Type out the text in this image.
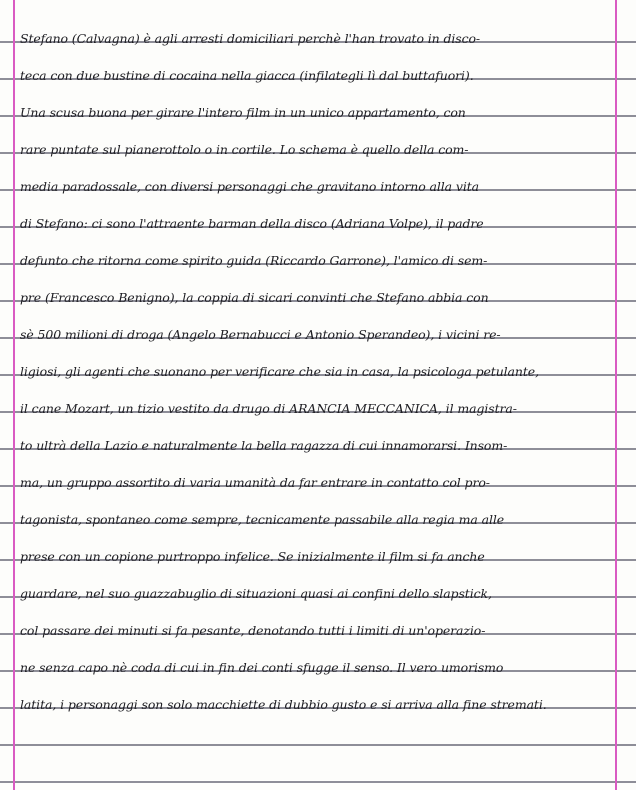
Stefano (Calvagna) è agli arresti domiciliari perchè l'han trovato in disco-
teca con due bustine di cocaina nella giacca (infilategli lì dal buttafuori).
Una scusa buona per girare l'intero film in un unico appartamento, con
rare puntate sul pianerottolo o in cortile. Lo schema è quello della com-
media paradossale, con diversi personaggi che gravitano intorno alla vita
di Stefano: ci sono l'attraente barman della disco (Adriana Volpe), il padre
defunto che ritorna come spirito guida (Riccardo Garrone), l'amico di sem-
pre (Francesco Benigno), la coppia di sicari convinti che Stefano abbia con
sè 500 milioni di droga (Angelo Bernabucci e Antonio Sperandeo), i vicini re-
ligiosi, gli agenti che suonano per verificare che sia in casa, la psicologa petulante,
il cane Mozart, un tizio vestito da drugo di ARANCIA MECCANICA, il magistra-
to ultrà della Lazio e naturalmente la bella ragazza di cui innamorarsi. Insom-
ma, un gruppo assortito di varia umanità da far entrare in contatto col pro-
tagonista, spontaneo come sempre, tecnicamente passabile alla regia ma alle
prese con un copione purtroppo infelice. Se inizialmente il film si fa anche
guardare, nel suo guazzabuglio di situazioni quasi ai confini dello slapstick,
col passare dei minuti si fa pesante, denotando tutti i limiti di un'operazio-
ne senza capo nè coda di cui in fin dei conti sfugge il senso. Il vero umorismo
latita, i personaggi son solo macchiette di dubbio gusto e si arriva alla fine stremati.
